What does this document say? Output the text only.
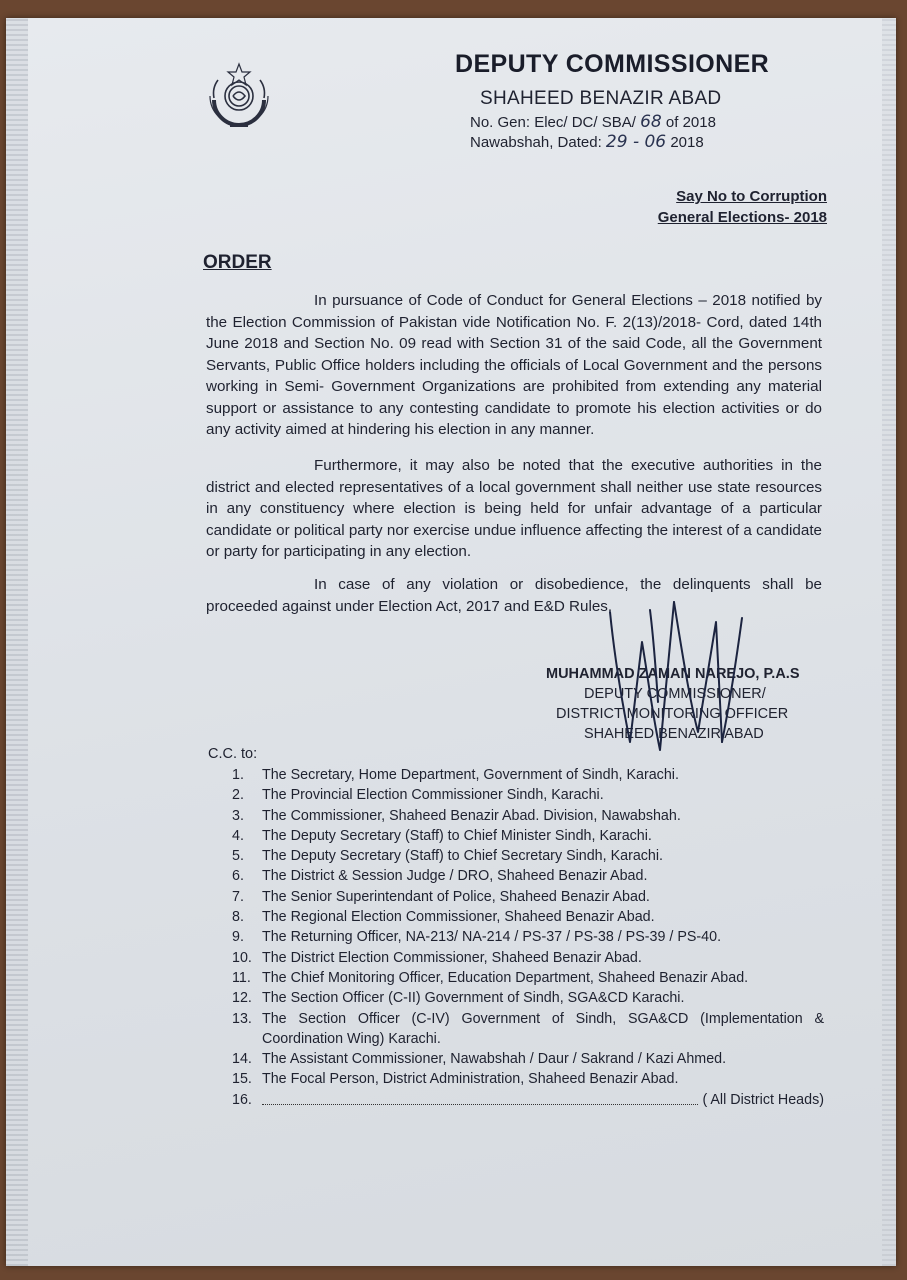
DEPUTY COMMISSIONER
SHAHEED BENAZIR ABAD
No. Gen: Elec/ DC/ SBA/ 68 of 2018
Nawabshah, Dated: 29 - 06 2018
Say No to Corruption
General Elections- 2018
ORDER
In pursuance of Code of Conduct for General Elections – 2018 notified by the Election Commission of Pakistan vide Notification No. F. 2(13)/2018- Cord, dated 14th June 2018 and Section No. 09 read with Section 31 of the said Code, all the Government Servants, Public Office holders including the officials of Local Government and the persons working in Semi- Government Organizations are prohibited from extending any material support or assistance to any contesting candidate to promote his election activities or do any activity aimed at hindering his election in any manner.
Furthermore, it may also be noted that the executive authorities in the district and elected representatives of a local government shall neither use state resources in any constituency where election is being held for unfair advantage of a particular candidate or political party nor exercise undue influence affecting the interest of a candidate or party for participating in any election.
In case of any violation or disobedience, the delinquents shall be proceeded against under Election Act, 2017 and E&D Rules.
MUHAMMAD ZAMAN NAREJO, P.A.S
DEPUTY COMMISSIONER/
DISTRICT MONITORING OFFICER
SHAHEED BENAZIR ABAD
C.C. to:
1.	The Secretary, Home Department, Government of Sindh, Karachi.
2.	The Provincial Election Commissioner Sindh, Karachi.
3.	The Commissioner, Shaheed Benazir Abad. Division, Nawabshah.
4.	The Deputy Secretary (Staff) to Chief Minister Sindh, Karachi.
5.	The Deputy Secretary (Staff) to Chief Secretary Sindh, Karachi.
6.	The District & Session Judge / DRO, Shaheed Benazir Abad.
7.	The Senior Superintendant of Police, Shaheed Benazir Abad.
8.	The Regional Election Commissioner, Shaheed Benazir Abad.
9.	The Returning Officer, NA-213/ NA-214 / PS-37 / PS-38 / PS-39 / PS-40.
10. The District Election Commissioner, Shaheed Benazir Abad.
11. The Chief Monitoring Officer, Education Department, Shaheed Benazir Abad.
12. The Section Officer (C-II) Government of Sindh, SGA&CD Karachi.
13. The Section Officer (C-IV) Government of Sindh, SGA&CD (Implementation & Coordination Wing) Karachi.
14. The Assistant Commissioner, Nawabshah / Daur / Sakrand / Kazi Ahmed.
15. The Focal Person, District Administration, Shaheed Benazir Abad.
16.	( All District Heads)
